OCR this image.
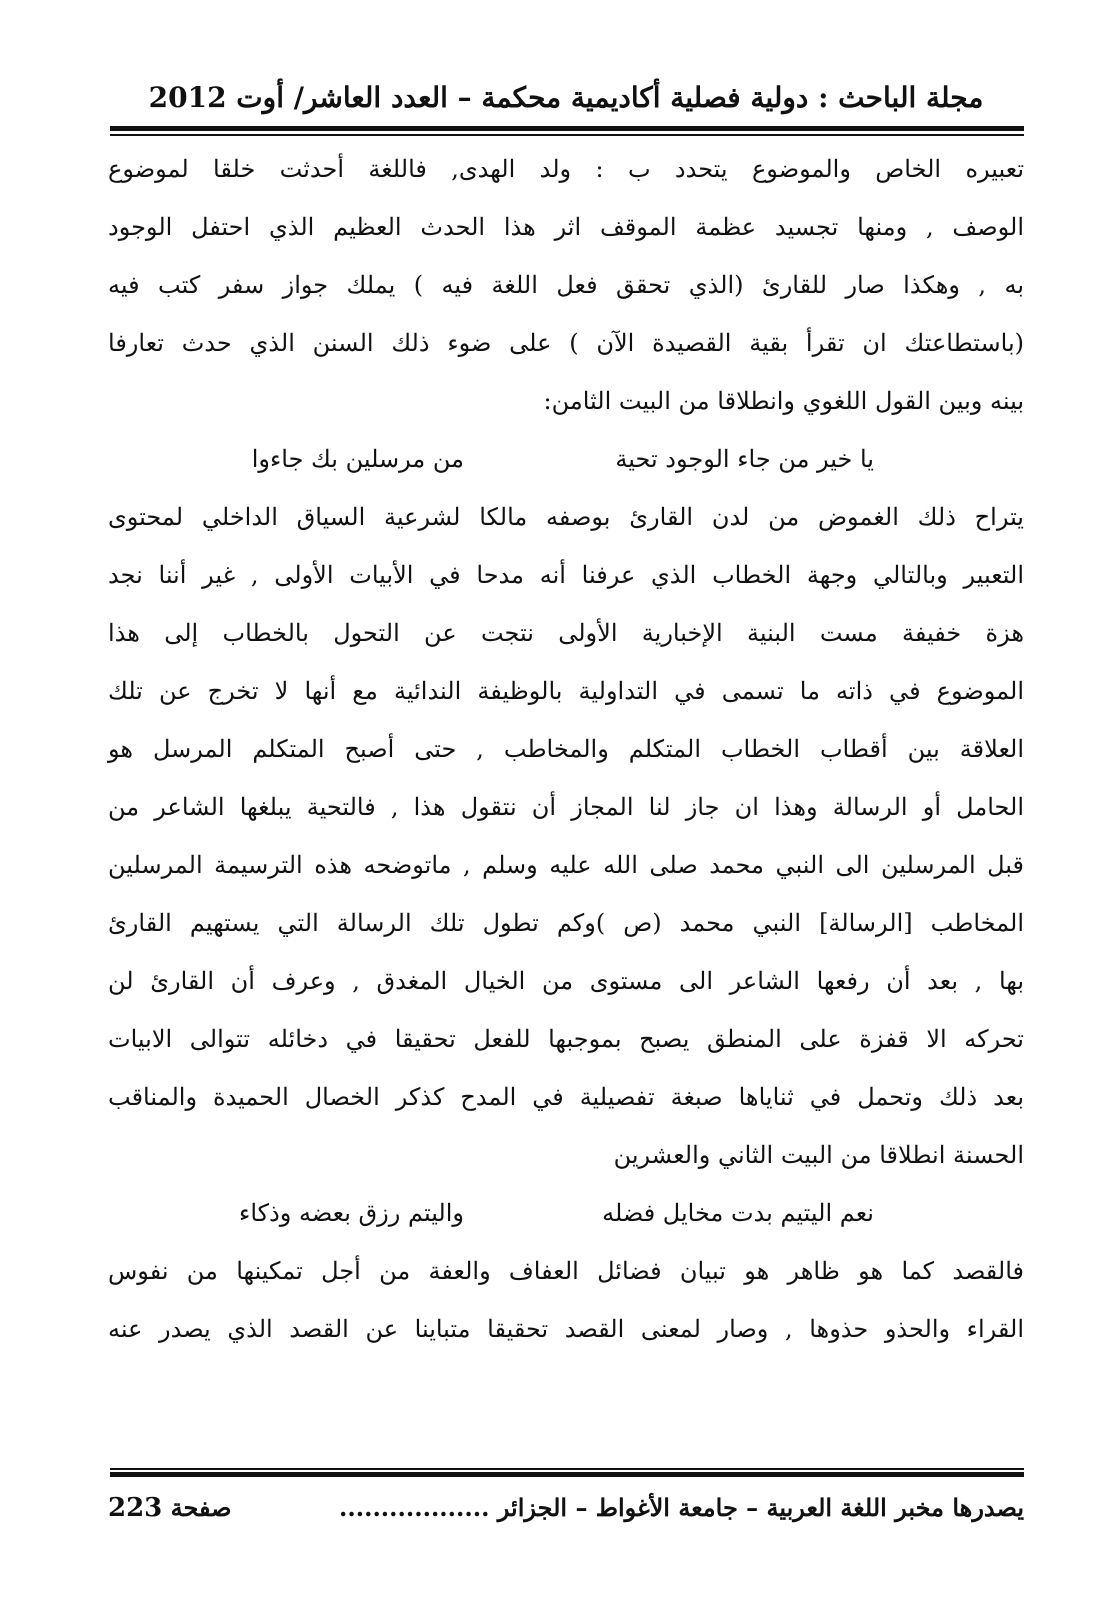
مجلة الباحث : دولية فصلية أكاديمية محكمة – العدد العاشر/ أوت 2012
تعبيره الخاص والموضوع يتحدد ب : ولد الهدى, فاللغة أحدثت خلقا لموضوع
الوصف , ومنها تجسيد عظمة الموقف اثر هذا الحدث العظيم الذي احتفل الوجود
به , وهكذا صار للقارئ (الذي تحقق فعل اللغة فيه ) يملك جواز سفر كتب فيه
(باستطاعتك ان تقرأ بقية القصيدة الآن ) على ضوء ذلك السنن الذي حدث تعارفا
بينه وبين القول اللغوي وانطلاقا من البيت الثامن:
يا خير من جاء الوجود تحية
من مرسلين بك جاءوا
يتراح ذلك الغموض من لدن القارئ بوصفه مالكا لشرعية السياق الداخلي لمحتوى
التعبير وبالتالي وجهة الخطاب الذي عرفنا أنه مدحا في الأبيات الأولى , غير أننا نجد
هزة خفيفة مست البنية الإخبارية الأولى نتجت عن التحول بالخطاب إلى هذا
الموضوع في ذاته ما تسمى في التداولية بالوظيفة الندائية مع أنها لا تخرج عن تلك
العلاقة بين أقطاب الخطاب المتكلم والمخاطب , حتى أصبح المتكلم المرسل هو
الحامل أو الرسالة وهذا ان جاز لنا المجاز أن نتقول هذا , فالتحية يبلغها الشاعر من
قبل المرسلين الى النبي محمد صلى الله عليه وسلم , ماتوضحه هذه الترسيمة المرسلين
المخاطب [الرسالة] النبي محمد (ص )وكم تطول تلك الرسالة التي يستهيم القارئ
بها , بعد أن رفعها الشاعر الى مستوى من الخيال المغدق , وعرف أن القارئ لن
تحركه الا قفزة على المنطق يصبح بموجبها للفعل تحقيقا في دخائله تتوالى الابيات
بعد ذلك وتحمل في ثناياها صبغة تفصيلية في المدح كذكر الخصال الحميدة والمناقب
الحسنة انطلاقا من البيت الثاني والعشرين
نعم اليتيم بدت مخايل فضله
واليتم رزق بعضه وذكاء
فالقصد كما هو ظاهر هو تبيان فضائل العفاف والعفة من أجل تمكينها من نفوس
القراء والحذو حذوها , وصار لمعنى القصد تحقيقا متباينا عن القصد الذي يصدر عنه
يصدرها مخبر اللغة العربية – جامعة الأغواط – الجزائر ..................
صفحة 223
